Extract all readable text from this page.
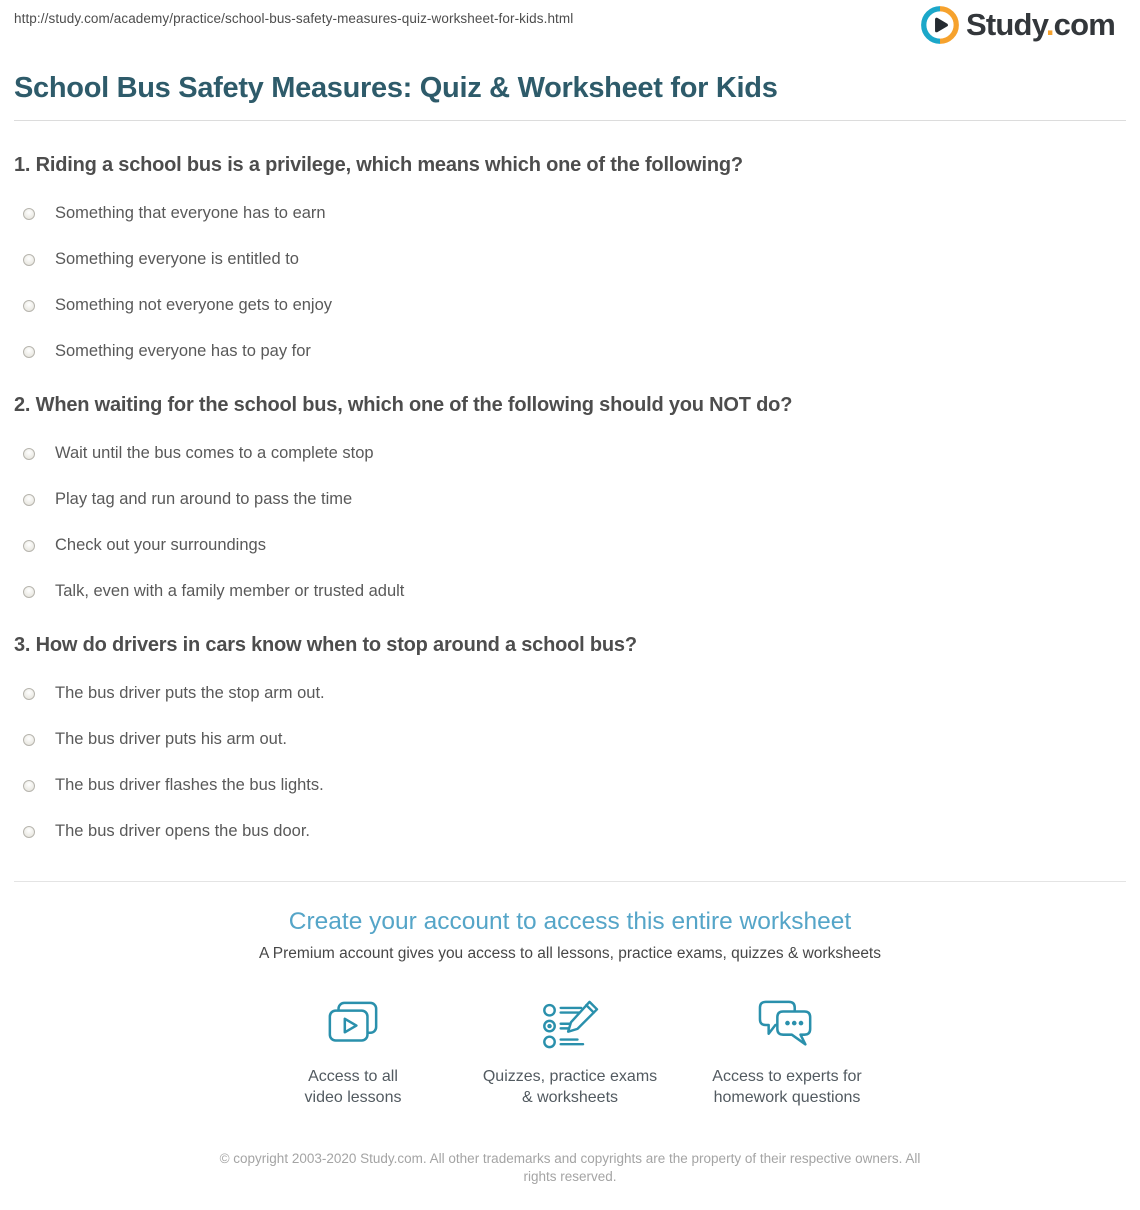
http://study.com/academy/practice/school-bus-safety-measures-quiz-worksheet-for-kids.html	Study.com
School Bus Safety Measures: Quiz & Worksheet for Kids
1. Riding a school bus is a privilege, which means which one of the following?
Something that everyone has to earn
Something everyone is entitled to
Something not everyone gets to enjoy
Something everyone has to pay for
2. When waiting for the school bus, which one of the following should you NOT do?
Wait until the bus comes to a complete stop
Play tag and run around to pass the time
Check out your surroundings
Talk, even with a family member or trusted adult
3. How do drivers in cars know when to stop around a school bus?
The bus driver puts the stop arm out.
The bus driver puts his arm out.
The bus driver flashes the bus lights.
The bus driver opens the bus door.
Create your account to access this entire worksheet
A Premium account gives you access to all lessons, practice exams, quizzes & worksheets
Access to all
video lessons
Quizzes, practice exams
& worksheets
Access to experts for
homework questions
© copyright 2003-2020 Study.com. All other trademarks and copyrights are the property of their respective owners. All rights reserved.
